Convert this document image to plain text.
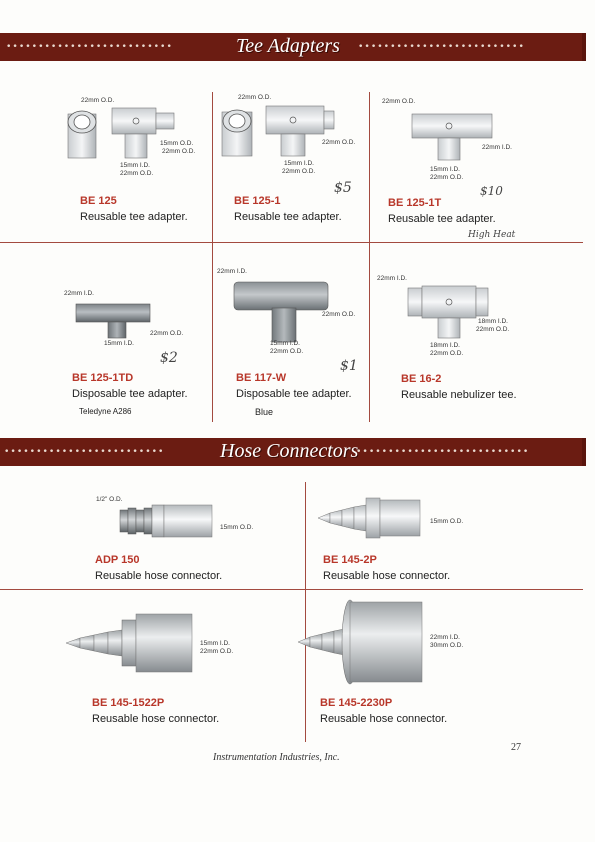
••••••••••••••••••••••••••	Tee Adapters ••••••••••••••••••••••••••
22mm O.D.
15mm O.D.
22mm O.D.
15mm I.D.
22mm O.D.
BE 125
Reusable tee adapter.
22mm O.D.
22mm O.D.
15mm I.D.
22mm O.D.
$5
BE 125-1
Reusable tee adapter.
22mm O.D.
22mm I.D.
15mm I.D.
22mm O.D.
$10
BE 125-1T
Reusable tee adapter.
High Heat
22mm I.D.
22mm O.D.
15mm I.D.
$2
BE 125-1TD
Disposable tee adapter.
Teledyne A286
22mm I.D.
22mm O.D.
15mm I.D.
22mm O.D.
$1
BE 117-W
Disposable tee adapter.
Blue
22mm I.D.
18mm I.D.
22mm O.D.
18mm I.D.
22mm O.D.
BE 16-2
Reusable nebulizer tee.
•••••••••••••••••••••••••	Hose Connectors
•••••••••••••••••••••••••••
1/2" O.D.
15mm O.D.
ADP 150
Reusable hose connector.
15mm O.D.
BE 145-2P
Reusable hose connector.
15mm I.D.
22mm O.D.
BE 145-1522P
Reusable hose connector.
22mm I.D.
30mm O.D.
BE 145-2230P
Reusable hose connector.
Instrumentation Industries, Inc.
27
